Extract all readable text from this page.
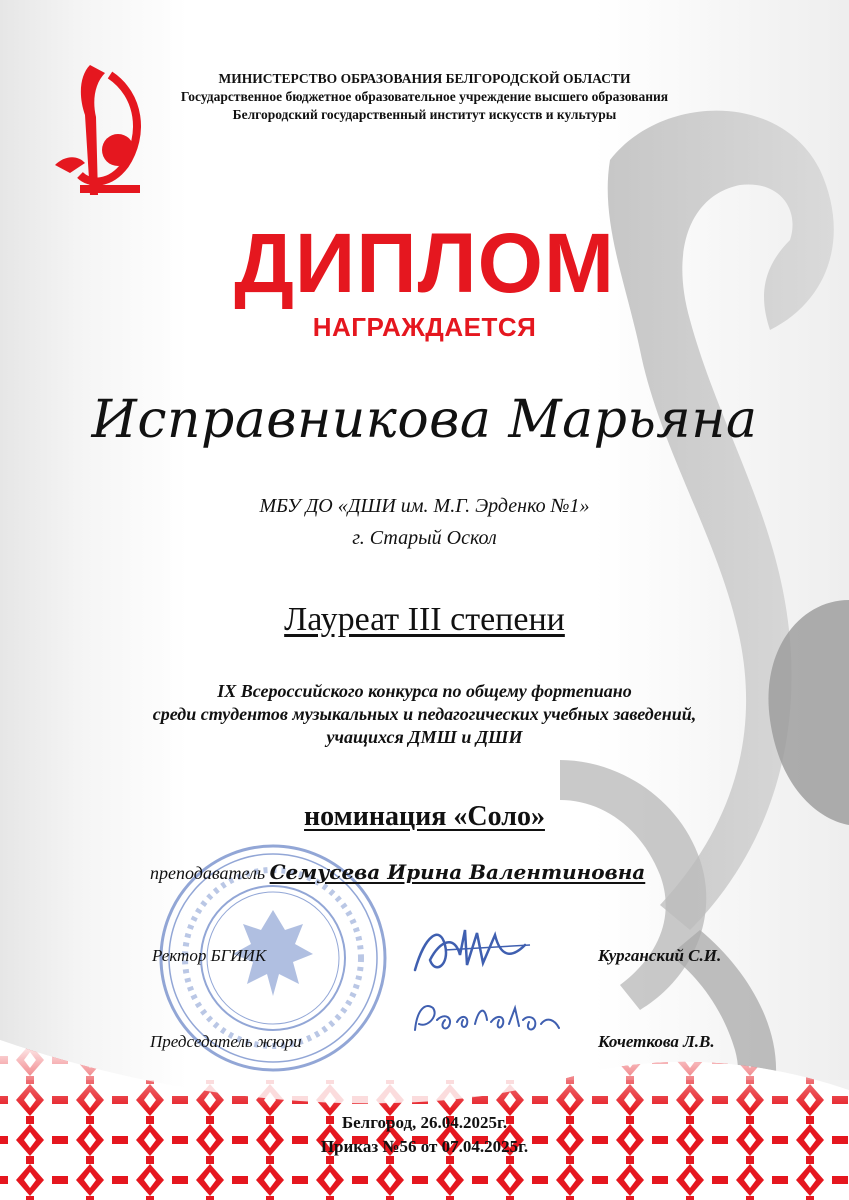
МИНИСТЕРСТВО ОБРАЗОВАНИЯ БЕЛГОРОДСКОЙ ОБЛАСТИ
Государственное бюджетное образовательное учреждение высшего образования
Белгородский государственный институт искусств и культуры
ДИПЛОМ
НАГРАЖДАЕТСЯ
Исправникова Марьяна
МБУ ДО «ДШИ им. М.Г. Эрденко №1»
г. Старый Оскол
Лауреат III степени
IX Всероссийского конкурса по общему фортепиано
среди студентов музыкальных и педагогических учебных заведений,
учащихся ДМШ и ДШИ
номинация «Соло»
преподаватель Семусева Ирина Валентиновна
Ректор БГИИК	Курганский С.И.
Председатель жюри	Кочеткова Л.В.
Белгород, 26.04.2025г.
Приказ №56 от 07.04.2025г.
